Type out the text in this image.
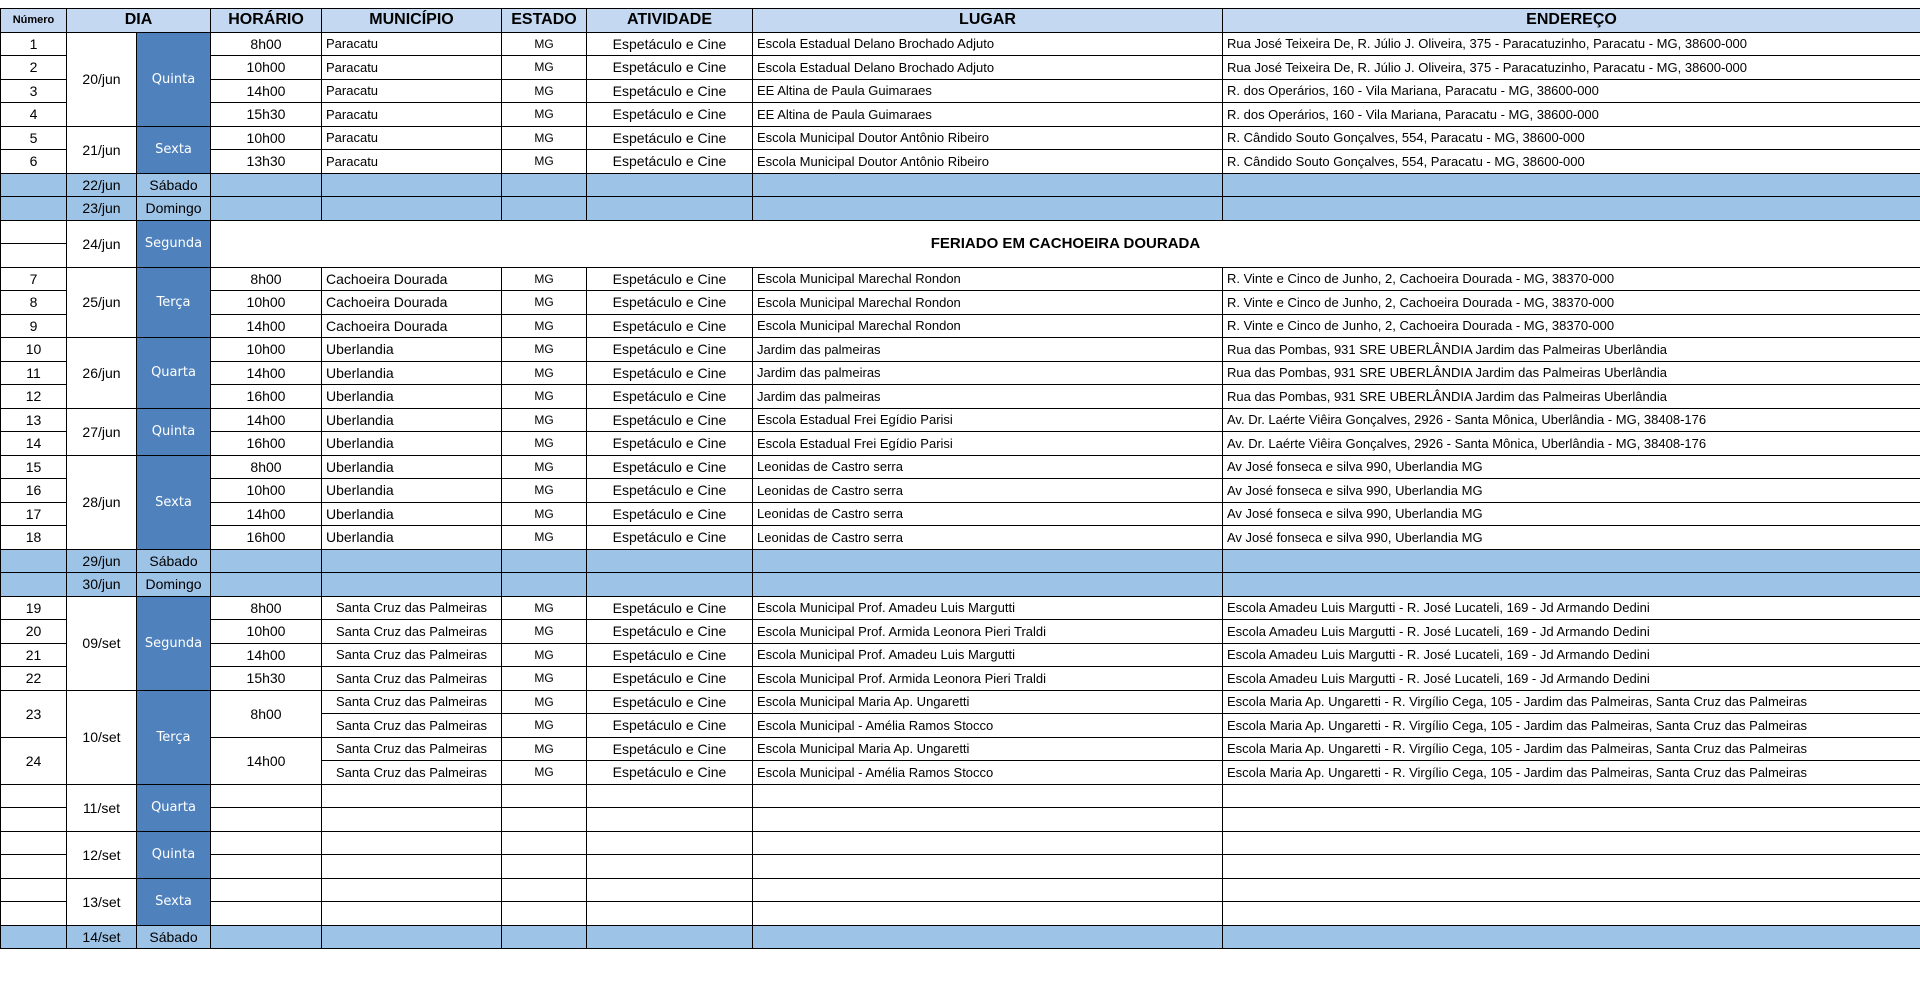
Número	DIA		HORÁRIO	MUNICÍPIO	ESTADO	ATIVIDADE	LUGAR	ENDEREÇO
1	20/jun	Quinta	8h00	Paracatu	MG	Espetáculo e Cine	Escola Estadual Delano Brochado Adjuto	Rua José Teixeira De, R. Júlio J. Oliveira, 375 - Paracatuzinho, Paracatu - MG, 38600-000
2			10h00	Paracatu	MG	Espetáculo e Cine	Escola Estadual Delano Brochado Adjuto	Rua José Teixeira De, R. Júlio J. Oliveira, 375 - Paracatuzinho, Paracatu - MG, 38600-000
3			14h00	Paracatu	MG	Espetáculo e Cine	EE Altina de Paula Guimaraes	R. dos Operários, 160 - Vila Mariana, Paracatu - MG, 38600-000
4			15h30	Paracatu	MG	Espetáculo e Cine	EE Altina de Paula Guimaraes	R. dos Operários, 160 - Vila Mariana, Paracatu - MG, 38600-000
5	21/jun	Sexta	10h00	Paracatu	MG	Espetáculo e Cine	Escola Municipal Doutor Antônio Ribeiro	R. Cândido Souto Gonçalves, 554, Paracatu - MG, 38600-000
6			13h30	Paracatu	MG	Espetáculo e Cine	Escola Municipal Doutor Antônio Ribeiro	R. Cândido Souto Gonçalves, 554, Paracatu - MG, 38600-000
	22/jun	Sábado						
	23/jun	Domingo						
	24/jun	Segunda	FERIADO EM CACHOEIRA DOURADA					

7	25/jun	Terça	8h00	Cachoeira Dourada	MG	Espetáculo e Cine	Escola Municipal Marechal Rondon	R. Vinte e Cinco de Junho, 2, Cachoeira Dourada - MG, 38370-000
8			10h00	Cachoeira Dourada	MG	Espetáculo e Cine	Escola Municipal Marechal Rondon	R. Vinte e Cinco de Junho, 2, Cachoeira Dourada - MG, 38370-000
9			14h00	Cachoeira Dourada	MG	Espetáculo e Cine	Escola Municipal Marechal Rondon	R. Vinte e Cinco de Junho, 2, Cachoeira Dourada - MG, 38370-000
10	26/jun	Quarta	10h00	Uberlandia	MG	Espetáculo e Cine	Jardim das palmeiras	Rua das Pombas, 931 SRE UBERLÂNDIA Jardim das Palmeiras Uberlândia
11			14h00	Uberlandia	MG	Espetáculo e Cine	Jardim das palmeiras	Rua das Pombas, 931 SRE UBERLÂNDIA Jardim das Palmeiras Uberlândia
12			16h00	Uberlandia	MG	Espetáculo e Cine	Jardim das palmeiras	Rua das Pombas, 931 SRE UBERLÂNDIA Jardim das Palmeiras Uberlândia
13	27/jun	Quinta	14h00	Uberlandia	MG	Espetáculo e Cine	Escola Estadual Frei Egídio Parisi	Av. Dr. Laérte Viêira Gonçalves, 2926 - Santa Mônica, Uberlândia - MG, 38408-176
14			16h00	Uberlandia	MG	Espetáculo e Cine	Escola Estadual Frei Egídio Parisi	Av. Dr. Laérte Viêira Gonçalves, 2926 - Santa Mônica, Uberlândia - MG, 38408-176
15	28/jun	Sexta	8h00	Uberlandia	MG	Espetáculo e Cine	Leonidas de Castro serra	Av José fonseca e silva 990, Uberlandia MG
16			10h00	Uberlandia	MG	Espetáculo e Cine	Leonidas de Castro serra	Av José fonseca e silva 990, Uberlandia MG
17			14h00	Uberlandia	MG	Espetáculo e Cine	Leonidas de Castro serra	Av José fonseca e silva 990, Uberlandia MG
18			16h00	Uberlandia	MG	Espetáculo e Cine	Leonidas de Castro serra	Av José fonseca e silva 990, Uberlandia MG
	29/jun	Sábado						
	30/jun	Domingo						
19	09/set	Segunda	8h00	Santa Cruz das Palmeiras	MG	Espetáculo e Cine	Escola Municipal Prof. Amadeu Luis Margutti	Escola Amadeu Luis Margutti - R. José Lucateli, 169 - Jd Armando Dedini
20			10h00	Santa Cruz das Palmeiras	MG	Espetáculo e Cine	Escola Municipal Prof. Armida Leonora Pieri Traldi	Escola Amadeu Luis Margutti - R. José Lucateli, 169 - Jd Armando Dedini
21			14h00	Santa Cruz das Palmeiras	MG	Espetáculo e Cine	Escola Municipal Prof. Amadeu Luis Margutti	Escola Amadeu Luis Margutti - R. José Lucateli, 169 - Jd Armando Dedini
22			15h30	Santa Cruz das Palmeiras	MG	Espetáculo e Cine	Escola Municipal Prof. Armida Leonora Pieri Traldi	Escola Amadeu Luis Margutti - R. José Lucateli, 169 - Jd Armando Dedini
23	10/set	Terça	8h00	Santa Cruz das Palmeiras	MG	Espetáculo e Cine	Escola Municipal Maria Ap. Ungaretti	Escola Maria Ap. Ungaretti - R. Virgílio Cega, 105 - Jardim das Palmeiras, Santa Cruz das Palmeiras
				Santa Cruz das Palmeiras	MG	Espetáculo e Cine	Escola Municipal - Amélia Ramos Stocco	Escola Maria Ap. Ungaretti - R. Virgílio Cega, 105 - Jardim das Palmeiras, Santa Cruz das Palmeiras
24			14h00	Santa Cruz das Palmeiras	MG	Espetáculo e Cine	Escola Municipal Maria Ap. Ungaretti	Escola Maria Ap. Ungaretti - R. Virgílio Cega, 105 - Jardim das Palmeiras, Santa Cruz das Palmeiras
				Santa Cruz das Palmeiras	MG	Espetáculo e Cine	Escola Municipal - Amélia Ramos Stocco	Escola Maria Ap. Ungaretti - R. Virgílio Cega, 105 - Jardim das Palmeiras, Santa Cruz das Palmeiras
	11/set	Quarta						

	12/set	Quinta						

	13/set	Sexta						

	14/set	Sábado						
